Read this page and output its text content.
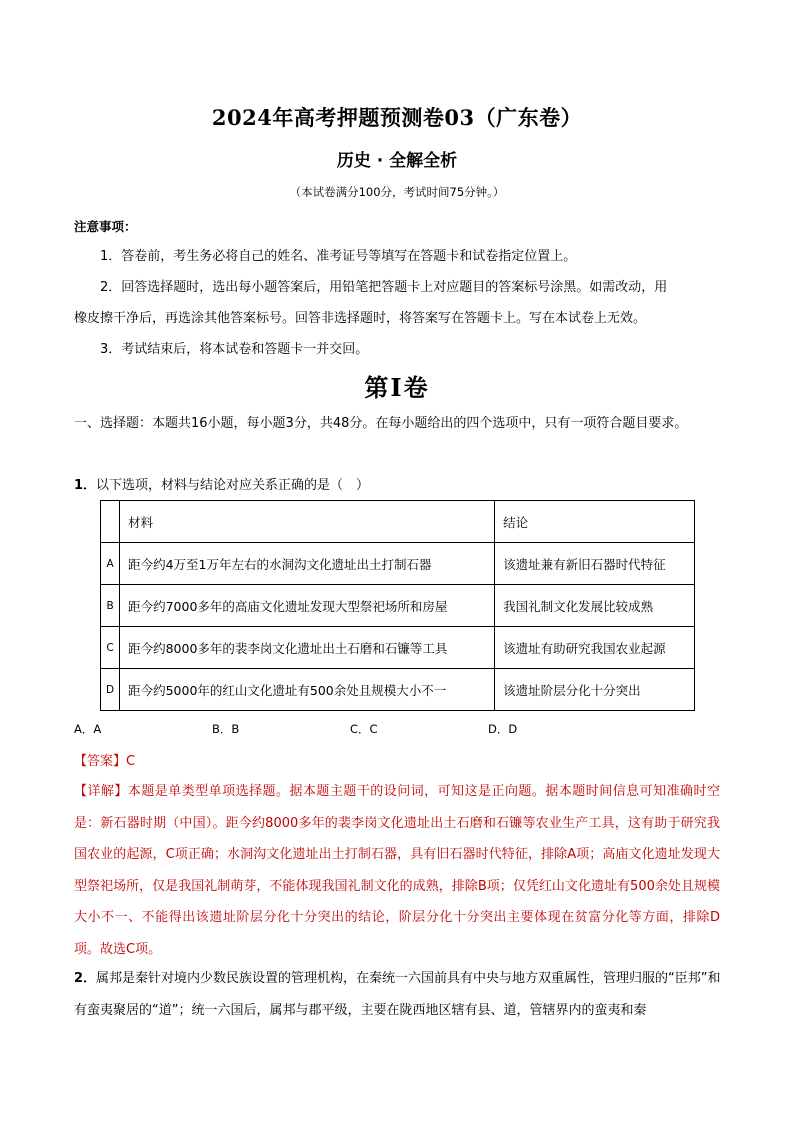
2024年高考押题预测卷03（广东卷）
历史 · 全解全析
（本试卷满分100分，考试时间75分钟。）
注意事项：
1．答卷前，考生务必将自己的姓名、准考证号等填写在答题卡和试卷指定位置上。
2．回答选择题时，选出每小题答案后，用铅笔把答题卡上对应题目的答案标号涂黑。如需改动，用
橡皮擦干净后，再选涂其他答案标号。回答非选择题时，将答案写在答题卡上。写在本试卷上无效。
3．考试结束后，将本试卷和答题卡一并交回。
第Ⅰ卷
一、选择题：本题共16小题，每小题3分，共48分。在每小题给出的四个选项中，只有一项符合题目要求。
1．以下选项，材料与结论对应关系正确的是（　）
	材料	结论
A	距今约4万至1万年左右的水洞沟文化遗址出土打制石器	该遗址兼有新旧石器时代特征
B	距今约7000多年的高庙文化遗址发现大型祭祀场所和房屋	我国礼制文化发展比较成熟
C	距今约8000多年的裴李岗文化遗址出土石磨和石镰等工具	该遗址有助研究我国农业起源
D	距今约5000年的红山文化遗址有500余处且规模大小不一	该遗址阶层分化十分突出
A．A	B．B	C．C	D．D
【答案】C
【详解】本题是单类型单项选择题。据本题主题干的设问词，可知这是正向题。据本题时间信息可知准确时空是：新石器时期（中国）。距今约8000多年的裴李岗文化遗址出土石磨和石镰等农业生产工具，这有助于研究我国农业的起源，C项正确；水洞沟文化遗址出土打制石器，具有旧石器时代特征，排除A项；高庙文化遗址发现大型祭祀场所，仅是我国礼制萌芽，不能体现我国礼制文化的成熟，排除B项；仅凭红山文化遗址有500余处且规模大小不一、不能得出该遗址阶层分化十分突出的结论，阶层分化十分突出主要体现在贫富分化等方面，排除D项。故选C项。
2．属邦是秦针对境内少数民族设置的管理机构，在秦统一六国前具有中央与地方双重属性，管理归服的“臣邦”和有蛮夷聚居的“道”；统一六国后，属邦与郡平级，主要在陇西地区辖有县、道，管辖界内的蛮夷和秦
